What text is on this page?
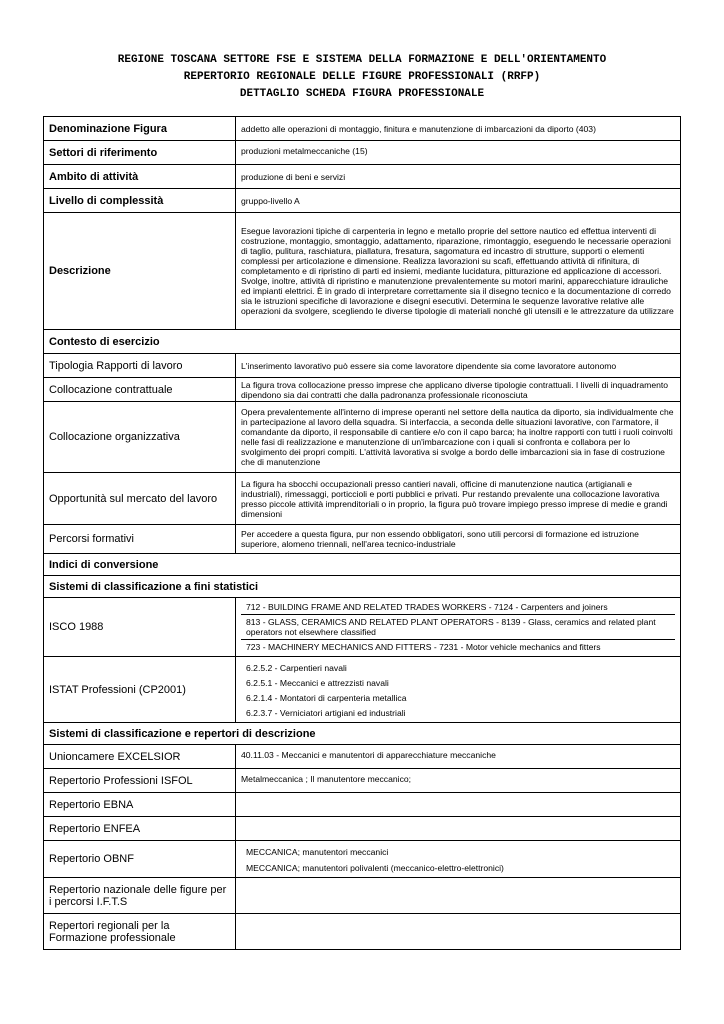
REGIONE TOSCANA SETTORE FSE E SISTEMA DELLA FORMAZIONE E DELL'ORIENTAMENTO
REPERTORIO REGIONALE DELLE FIGURE PROFESSIONALI (RRFP)
DETTAGLIO SCHEDA FIGURA PROFESSIONALE
Denominazione Figura	addetto alle operazioni di montaggio, finitura e manutenzione di imbarcazioni da diporto (403)
Settori di riferimento	produzioni metalmeccaniche (15)
Ambito di attività	produzione di beni e servizi
Livello di complessità	gruppo-livello A
Descrizione	Esegue lavorazioni tipiche di carpenteria in legno e metallo proprie del settore nautico ed effettua interventi di costruzione, montaggio, smontaggio, adattamento, riparazione, rimontaggio, eseguendo le necessarie operazioni di taglio, pulitura, raschiatura, piallatura, fresatura, sagomatura ed incastro di strutture, supporti o elementi complessi per articolazione e dimensione. Realizza lavorazioni su scafi, effettuando attività di rifinitura, di completamento e di ripristino di parti ed insiemi, mediante lucidatura, pitturazione ed applicazione di accessori. Svolge, inoltre, attività di ripristino e manutenzione prevalentemente su motori marini, apparecchiature idrauliche ed impianti elettrici. È in grado di interpretare correttamente sia il disegno tecnico e la documentazione di corredo sia le istruzioni specifiche di lavorazione e disegni esecutivi. Determina le sequenze lavorative relative alle operazioni da svolgere, scegliendo le diverse tipologie di materiali nonché gli utensili e le attrezzature da utilizzare
Contesto di esercizio	
Tipologia Rapporti di lavoro	L'inserimento lavorativo può essere sia come lavoratore dipendente sia come lavoratore autonomo
Collocazione contrattuale	La figura trova collocazione presso imprese che applicano diverse tipologie contrattuali. I livelli di inquadramento dipendono sia dai contratti che dalla padronanza professionale riconosciuta
Collocazione organizzativa	Opera prevalentemente all'interno di imprese operanti nel settore della nautica da diporto, sia individualmente che in partecipazione al lavoro della squadra. Si interfaccia, a seconda delle situazioni lavorative, con l'armatore, il comandante da diporto, il responsabile di cantiere e/o con il capo barca; ha inoltre rapporti con tutti i ruoli coinvolti nelle fasi di realizzazione e manutenzione di un'imbarcazione con i quali si confronta e collabora per lo svolgimento dei propri compiti. L'attività lavorativa si svolge a bordo delle imbarcazioni sia in fase di costruzione che di manutenzione
Opportunità sul mercato del lavoro	La figura ha sbocchi occupazionali presso cantieri navali, officine di manutenzione nautica (artigianali e industriali), rimessaggi, porticcioli e porti pubblici e privati. Pur restando prevalente una collocazione lavorativa presso piccole attività imprenditoriali o in proprio, la figura può trovare impiego presso imprese di medie e grandi dimensioni
Percorsi formativi	Per accedere a questa figura, pur non essendo obbligatori, sono utili percorsi di formazione ed istruzione superiore, alomeno triennali, nell'area tecnico-industriale
Indici di conversione	
Sistemi di classificazione a fini statistici	
ISCO 1988	712 - BUILDING FRAME AND RELATED TRADES WORKERS - 7124 - Carpenters and joiners
813 - GLASS, CERAMICS AND RELATED PLANT OPERATORS - 8139 - Glass, ceramics and related plant operators not elsewhere classified
723 - MACHINERY MECHANICS AND FITTERS - 7231 - Motor vehicle mechanics and fitters

ISTAT Professioni (CP2001)	6.2.5.2 - Carpentieri navali
6.2.5.1 - Meccanici e attrezzisti navali
6.2.1.4 - Montatori di carpenteria metallica
6.2.3.7 - Verniciatori artigiani ed industriali

Sistemi di classificazione e repertori di descrizione	
Unioncamere EXCELSIOR	40.11.03 - Meccanici e manutentori di apparecchiature meccaniche
Repertorio Professioni ISFOL	Metalmeccanica ; Il manutentore meccanico;
Repertorio EBNA	
Repertorio ENFEA	
Repertorio OBNF	MECCANICA; manutentori meccanici
MECCANICA; manutentori polivalenti (meccanico-elettro-elettronici)

Repertorio nazionale delle figure per i percorsi I.F.T.S	
Repertori regionali per la Formazione professionale	
